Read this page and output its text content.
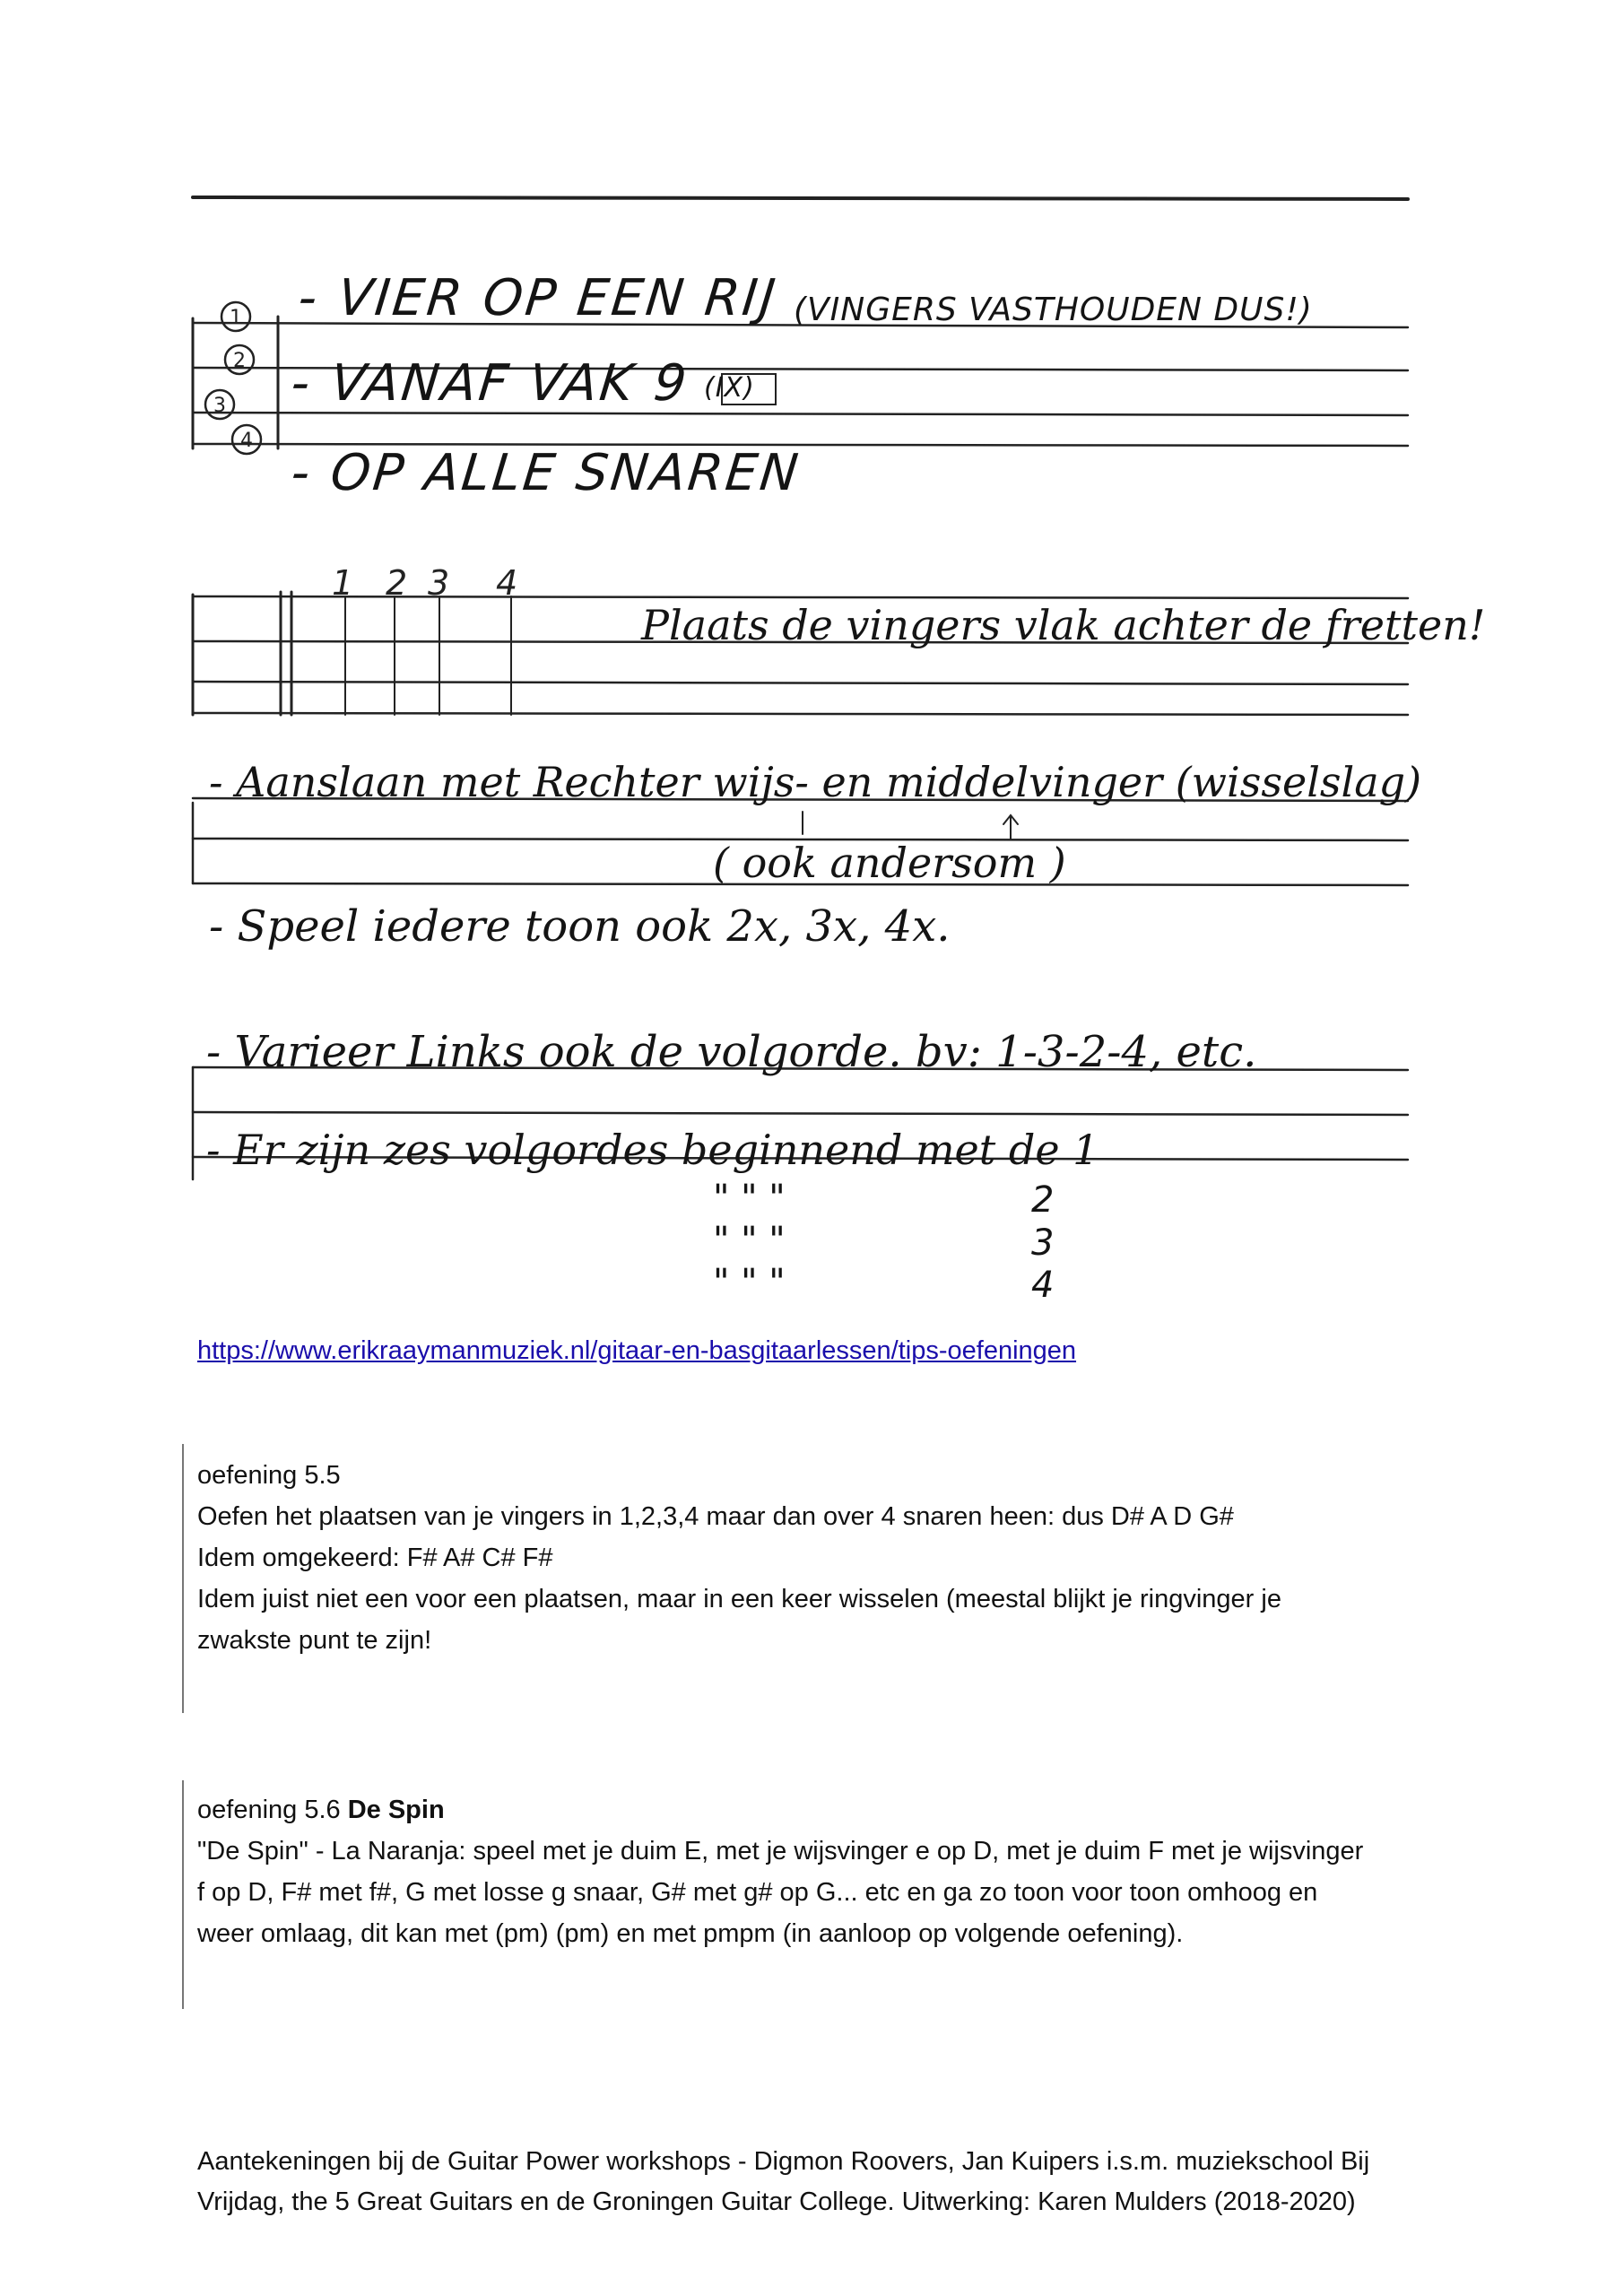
1
2
3
4
1 2 3 4
- VIER OP EEN RIJ (VINGERS VASTHOUDEN DUS!)
- VANAF VAK 9 (IX)
- OP ALLE SNAREN
Plaats de vingers vlak achter de fretten!
- Aanslaan met Rechter wijs- en middelvinger (wisselslag)
( ook andersom )
- Speel iedere toon ook 2x, 3x, 4x.
- Varieer Links ook de volgorde. bv: 1-3-2-4, etc.
- Er zijn zes volgordes beginnend met de 1
" " "	2
" " "	3
" " "	4
https://www.erikraaymanmuziek.nl/gitaar-en-basgitaarlessen/tips-oefeningen

oefening 5.5

Oefen het plaatsen van je vingers in 1,2,3,4 maar dan over 4 snaren heen: dus D# A D G#

Idem omgekeerd: F# A# C# F#

Idem juist niet een voor een plaatsen, maar in een keer wisselen (meestal blijkt je ringvinger je

zwakste punt te zijn!

oefening 5.6 De Spin

"De Spin" - La Naranja: speel met je duim E, met je wijsvinger e op D, met je duim F met je wijsvinger

f op D, F# met f#, G met losse g snaar, G# met g# op G... etc en ga zo toon voor toon omhoog en

weer omlaag, dit kan met (pm) (pm) en met pmpm (in aanloop op volgende oefening).

Aantekeningen bij de Guitar Power workshops - Digmon Roovers, Jan Kuipers i.s.m. muziekschool Bij

Vrijdag, the 5 Great Guitars en de Groningen Guitar College. Uitwerking: Karen Mulders (2018-2020)
